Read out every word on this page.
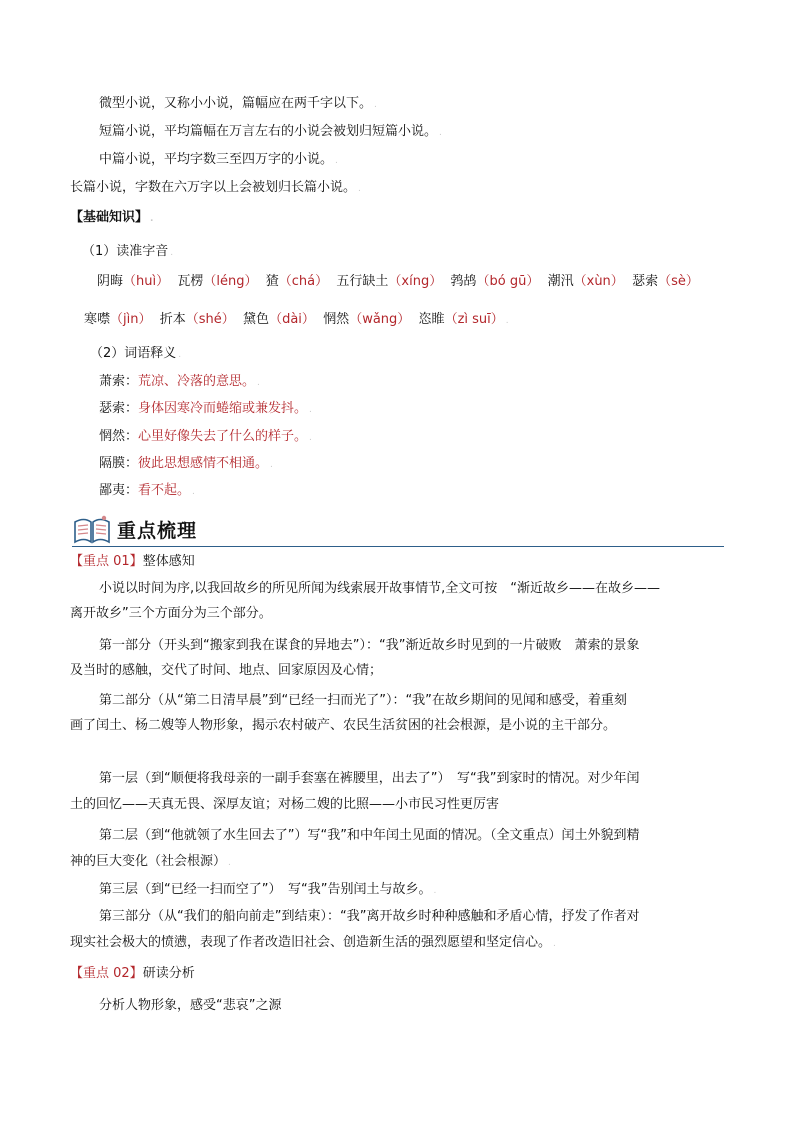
微型小说，又称小小说，篇幅应在两千字以下。 .
短篇小说，平均篇幅在万言左右的小说会被划归短篇小说。 .
中篇小说，平均字数三至四万字的小说。 .
长篇小说，字数在六万字以上会被划归长篇小说。 .
【基础知识】 .
（1）读准字音 .
阴晦（huì） 瓦楞（léng） 猹（chá） 五行缺土（xíng） 鹁鸪（bó gū） 潮汛（xùn） 瑟索（sè）
寒噤（jìn） 折本（shé） 黛色（dài） 惘然（wǎng） 恣睢（zì suī） .
（2）词语释义 .
萧索：荒凉、冷落的意思。 .
瑟索：身体因寒冷而蜷缩或兼发抖。 .
惘然：心里好像失去了什么的样子。 .
隔膜：彼此思想感情不相通。 .
鄙夷：看不起。 .
重点梳理
【重点 01】整体感知
小说以时间为序,以我回故乡的所见所闻为线索展开故事情节,全文可按　“渐近故乡——在故乡——
离开故乡”三个方面分为三个部分。
第一部分（开头到“搬家到我在谋食的异地去”）：“我”渐近故乡时见到的一片破败　萧索的景象
及当时的感触，交代了时间、地点、回家原因及心情；
第二部分（从“第二日清早晨”到“已经一扫而光了”）：“我”在故乡期间的见闻和感受，着重刻
画了闰土、杨二嫂等人物形象，揭示农村破产、农民生活贫困的社会根源，是小说的主干部分。
第一层（到“顺便将我母亲的一副手套塞在裤腰里，出去了”）　写“我”到家时的情况。对少年闰
土的回忆——天真无畏、深厚友谊；对杨二嫂的比照——小市民习性更厉害
第二层（到“他就领了水生回去了”）写“我”和中年闰土见面的情况。（全文重点）闰土外貌到精
神的巨大变化（社会根源） .
第三层（到“已经一扫而空了”）　写“我”告别闰土与故乡。 .
第三部分（从“我们的船向前走”到结束）：“我”离开故乡时种种感触和矛盾心情，抒发了作者对
现实社会极大的愤懑，表现了作者改造旧社会、创造新生活的强烈愿望和坚定信心。 .
【重点 02】研读分析
分析人物形象，感受“悲哀”之源
